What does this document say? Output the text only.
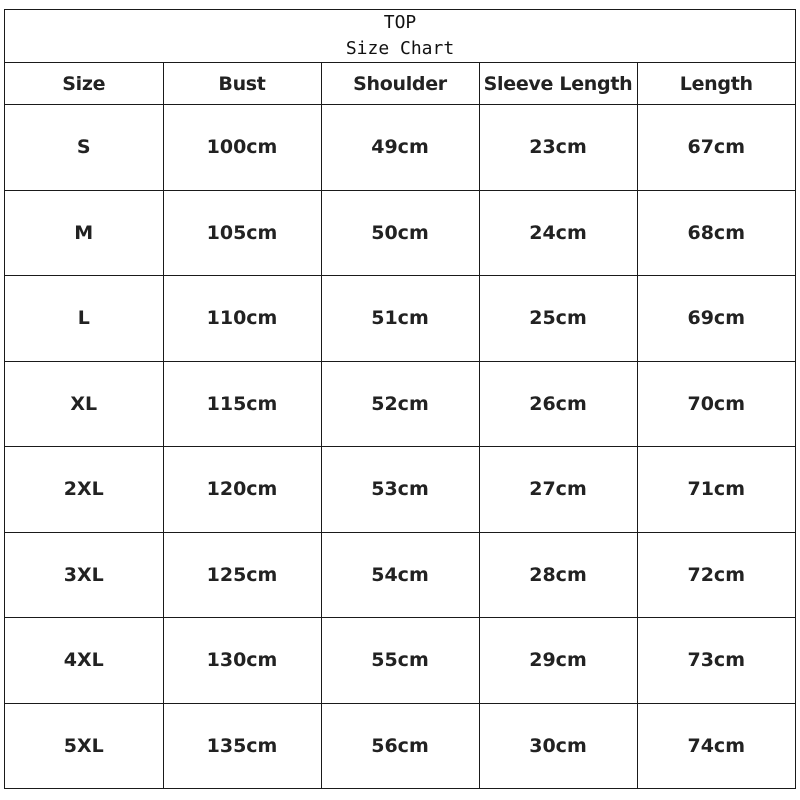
TOP
Size Chart
Size	Bust	Shoulder	Sleeve Length	Length
S	100cm	49cm	23cm	67cm
M	105cm	50cm	24cm	68cm
L	110cm	51cm	25cm	69cm
XL	115cm	52cm	26cm	70cm
2XL	120cm	53cm	27cm	71cm
3XL	125cm	54cm	28cm	72cm
4XL	130cm	55cm	29cm	73cm
5XL	135cm	56cm	30cm	74cm
